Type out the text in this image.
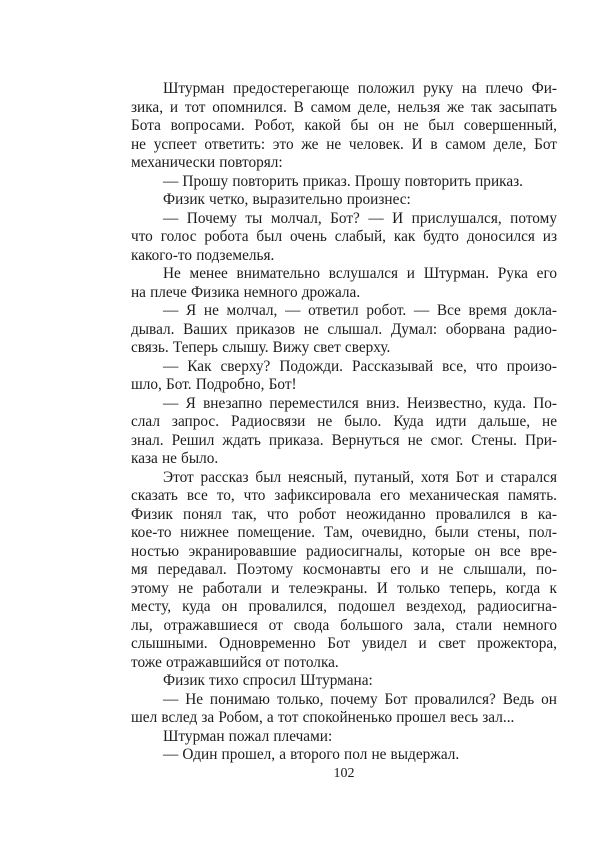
Штурман предостерегающе положил руку на плечо Фи-
зика, и тот опомнился. В самом деле, нельзя же так засыпать
Бота вопросами. Робот, какой бы он не был совершенный,
не успеет ответить: это же не человек. И в самом деле, Бот
механически повторял:
— Прошу повторить приказ. Прошу повторить приказ.
Физик четко, выразительно произнес:
— Почему ты молчал, Бот? — И прислушался, потому
что голос робота был очень слабый, как будто доносился из
какого-то подземелья.
Не менее внимательно вслушался и Штурман. Рука его
на плече Физика немного дрожала.
— Я не молчал, — ответил робот. — Все время докла-
дывал. Ваших приказов не слышал. Думал: оборвана радио-
связь. Теперь слышу. Вижу свет сверху.
— Как сверху? Подожди. Рассказывай все, что произо-
шло, Бот. Подробно, Бот!
— Я внезапно переместился вниз. Неизвестно, куда. По-
слал запрос. Радиосвязи не было. Куда идти дальше, не
знал. Решил ждать приказа. Вернуться не смог. Стены. При-
каза не было.
Этот рассказ был неясный, путаный, хотя Бот и старался
сказать все то, что зафиксировала его механическая память.
Физик понял так, что робот неожиданно провалился в ка-
кое-то нижнее помещение. Там, очевидно, были стены, пол-
ностью экранировавшие радиосигналы, которые он все вре-
мя передавал. Поэтому космонавты его и не слышали, по-
этому не работали и телеэкраны. И только теперь, когда к
месту, куда он провалился, подошел вездеход, радиосигна-
лы, отражавшиеся от свода большого зала, стали немного
слышными. Одновременно Бот увидел и свет прожектора,
тоже отражавшийся от потолка.
Физик тихо спросил Штурмана:
— Не понимаю только, почему Бот провалился? Ведь он
шел вслед за Робом, а тот спокойненько прошел весь зал...
Штурман пожал плечами:
— Один прошел, а второго пол не выдержал.
102
